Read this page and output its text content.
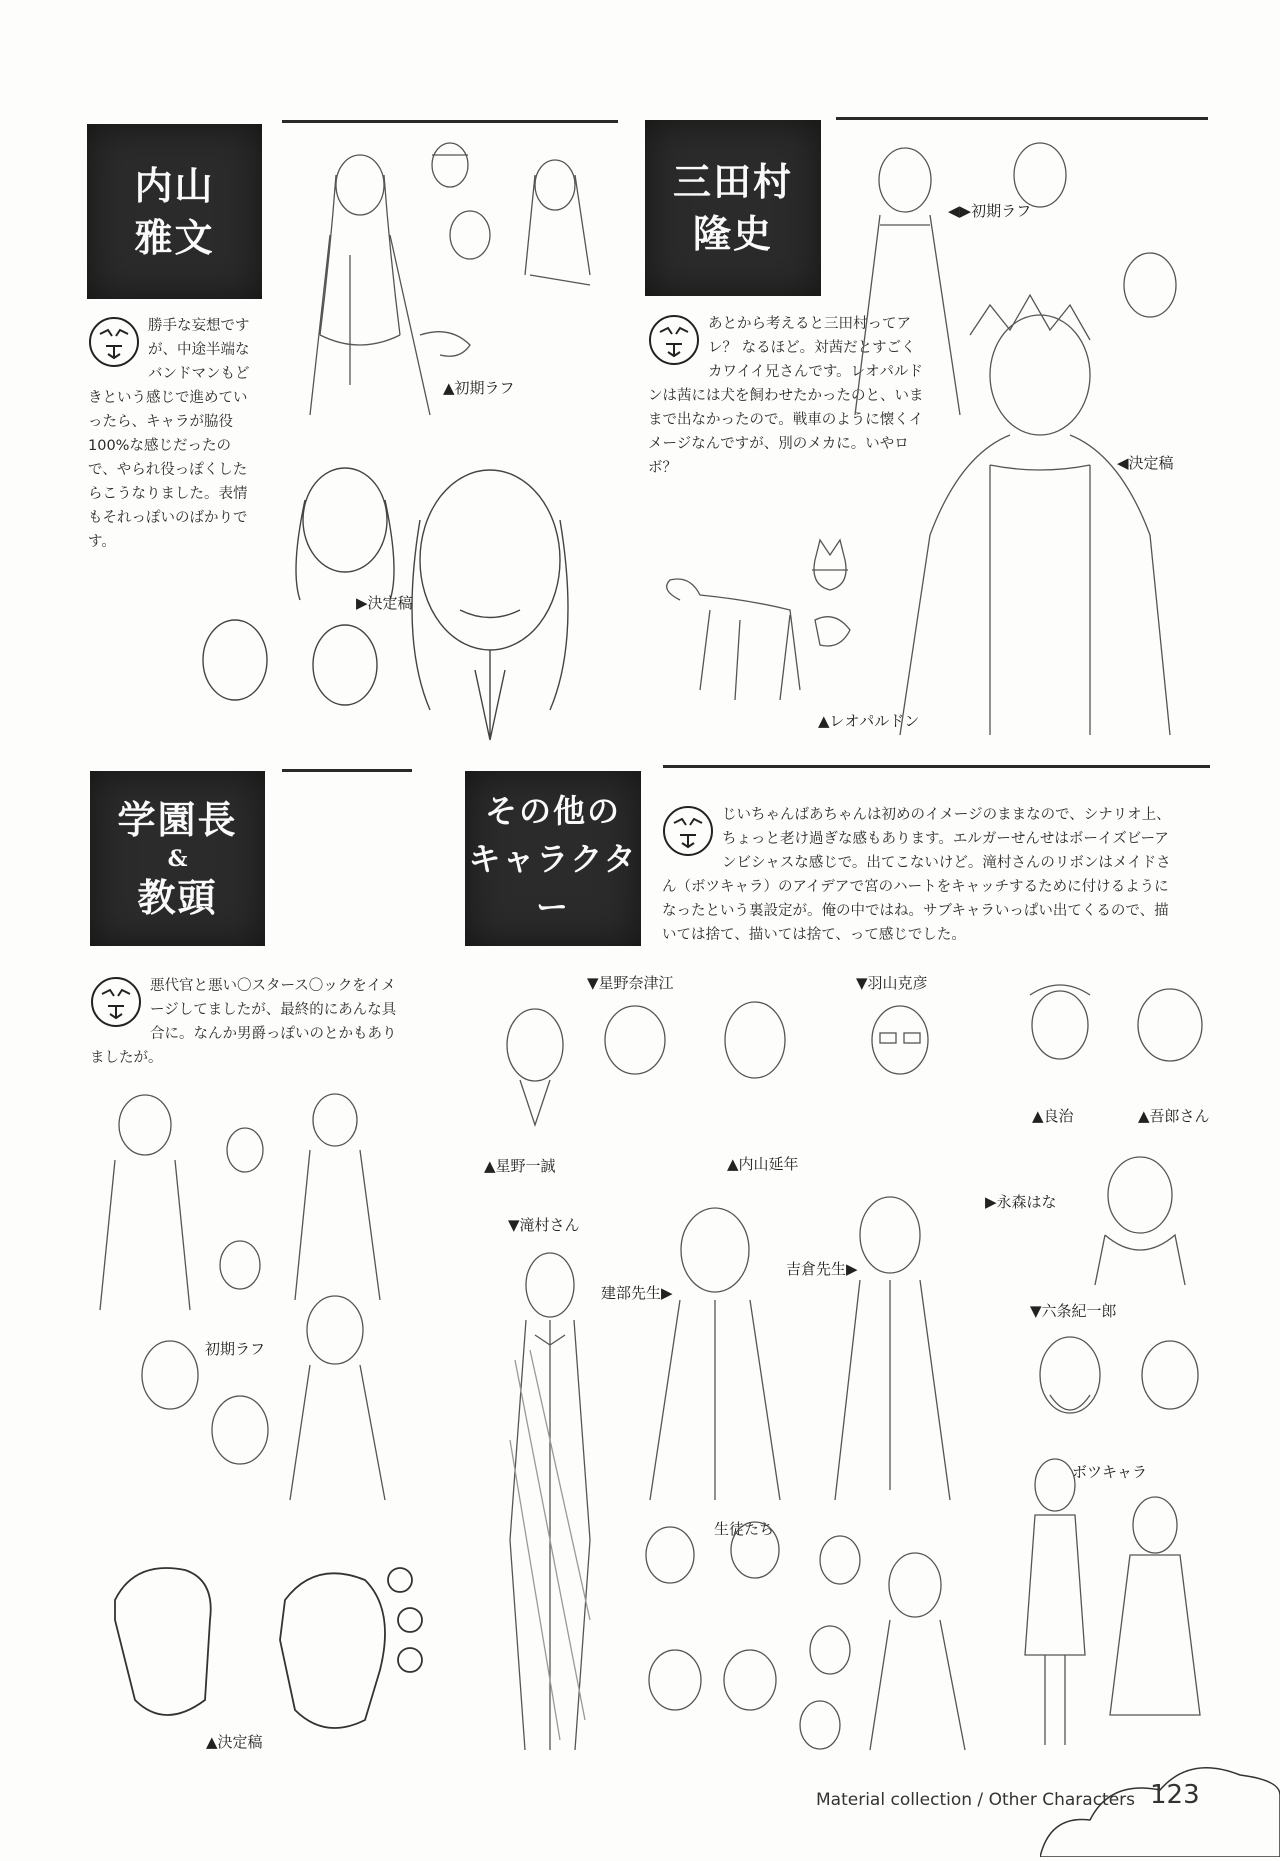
内山
雅文
勝手な妄想ですが、中途半端なバンドマンもどきという感じで進めていったら、キャラが脇役100%な感じだったので、やられ役っぽくしたらこうなりました。表情もそれっぽいのばかりです。
▲初期ラフ
▶決定稿
三田村
隆史
あとから考えると三田村ってアレ？ なるほど。対茜だとすごくカワイイ兄さんです。レオパルドンは茜には犬を飼わせたかったのと、いままで出なかったので。戦車のように懐くイメージなんですが、別のメカに。いやロボ？
◀▶初期ラフ
◀決定稿
▲レオパルドン
学園長
&
教頭
悪代官と悪い〇スタース〇ックをイメージしてましたが、最終的にあんな具合に。なんか男爵っぽいのとかもありましたが。
初期ラフ
▲決定稿
その他の
キャラクター
じいちゃんばあちゃんは初めのイメージのままなので、シナリオ上、ちょっと老け過ぎな感もあります。エルガーせんせはボーイズビーアンビシャスな感じで。出てこないけど。滝村さんのリボンはメイドさん（ボツキャラ）のアイデアで宮のハートをキャッチするために付けるようになったという裏設定が。俺の中ではね。サブキャラいっぱい出てくるので、描いては捨て、描いては捨て、って感じでした。
▼星野奈津江	▼羽山克彦
▲星野一誠	▲内山延年
▲良治	▲吾郎さん
▶永森はな
▼滝村さん
建部先生▶
吉倉先生▶
▼六条紀一郎
ボツキャラ
生徒たち
Material collection / Other Characters 123
